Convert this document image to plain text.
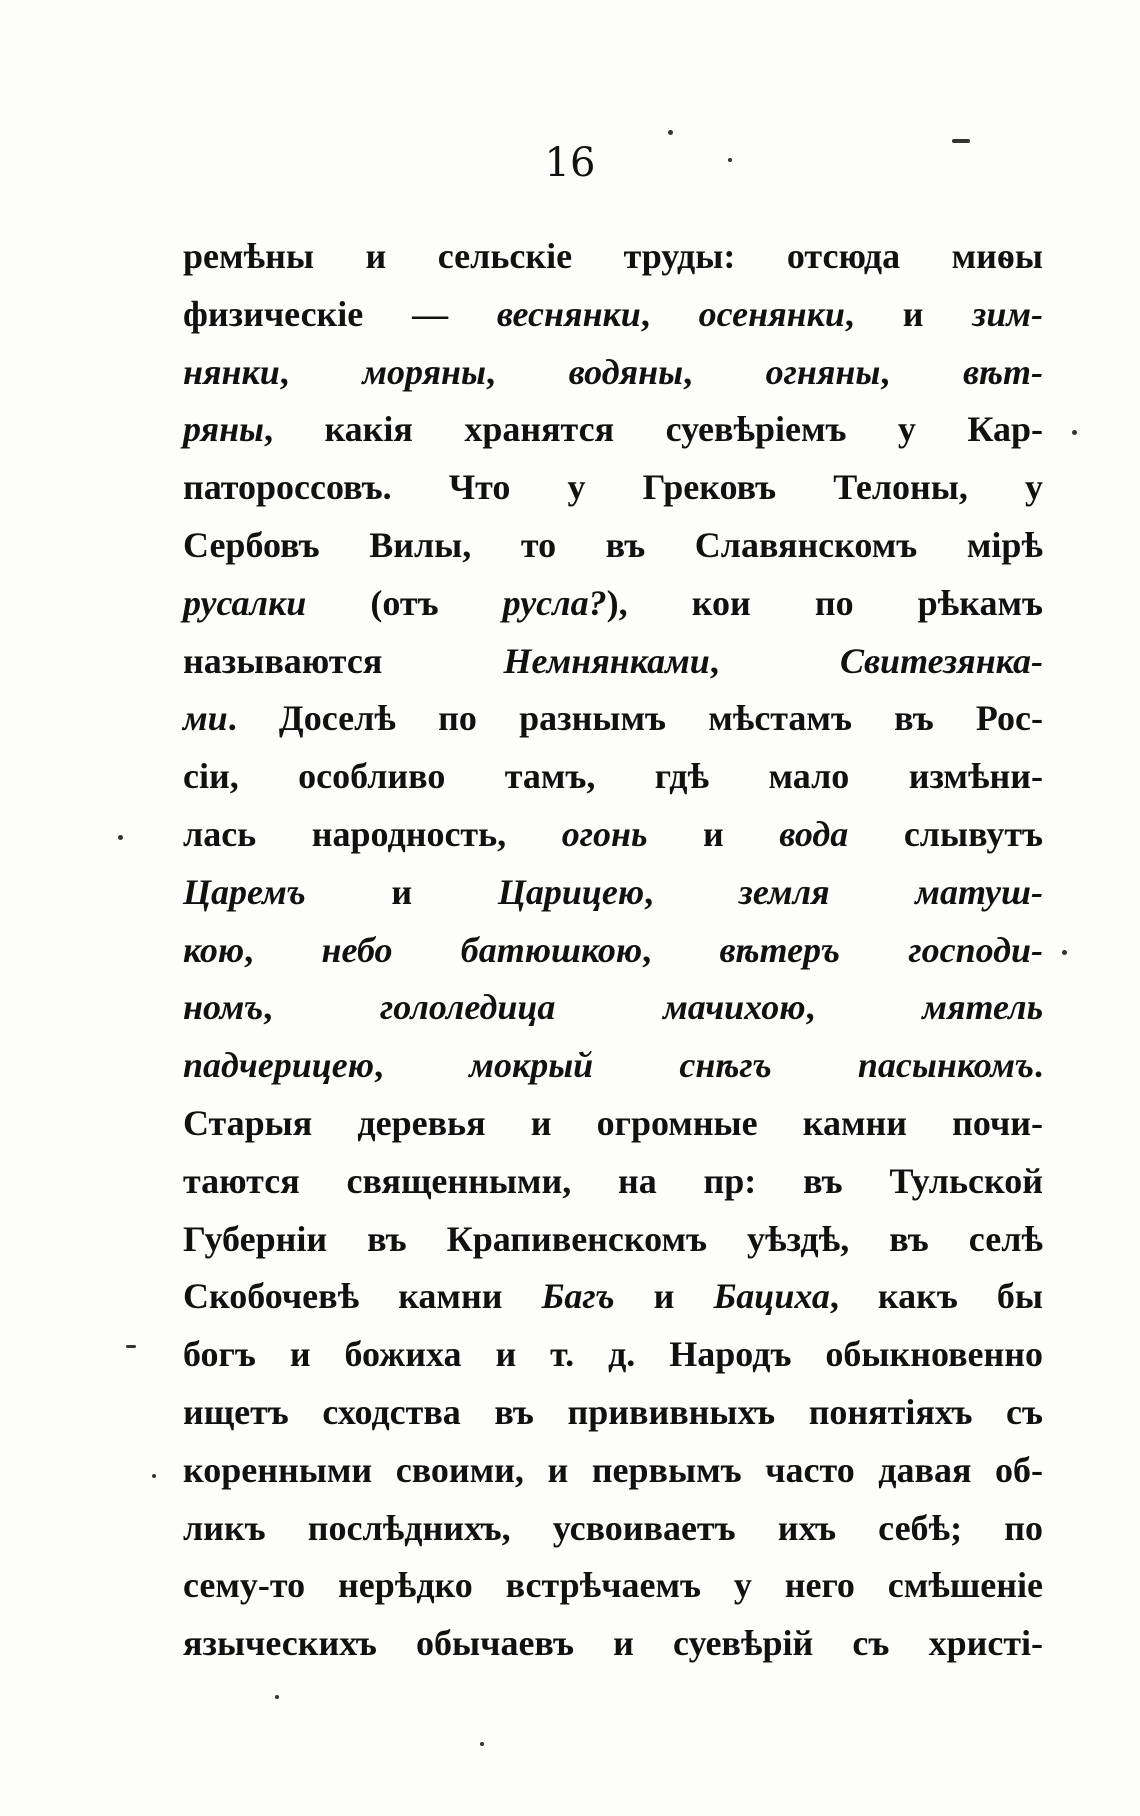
16
ремѣны и сельскіе труды: отсюда миѳы
физическіе — веснянки, осенянки, и зим-
нянки, моряны, водяны, огняны, вѣт-
ряны, какія хранятся суевѣріемъ у Кар-
патороссовъ. Что у Грековъ Телоны, у
Сербовъ Вилы, то въ Славянскомъ мірѣ
русалки (отъ русла?), кои по рѣкамъ
называются Немнянками, Свитезянка-
ми. Доселѣ по разнымъ мѣстамъ въ Рос-
сіи, особливо тамъ, гдѣ мало измѣни-
лась народность, огонь и вода слывутъ
Царемъ и Царицею, земля матуш-
кою, небо батюшкою, вѣтеръ господи-
номъ, гололедица мачихою, мятель
падчерицею, мокрый снѣгъ пасынкомъ.
Старыя деревья и огромные камни почи-
таются священными, на пр: въ Тульской
Губерніи въ Крапивенскомъ уѣздѣ, въ селѣ
Скобочевѣ камни Багъ и Бациха, какъ бы
богъ и божиха и т. д. Народъ обыкновенно
ищетъ сходства въ прививныхъ понятіяхъ съ
коренными своими, и первымъ часто давая об-
ликъ послѣднихъ, усвоиваетъ ихъ себѣ; по
сему-то нерѣдко встрѣчаемъ у него смѣшеніе
языческихъ обычаевъ и суевѣрій съ христі-
